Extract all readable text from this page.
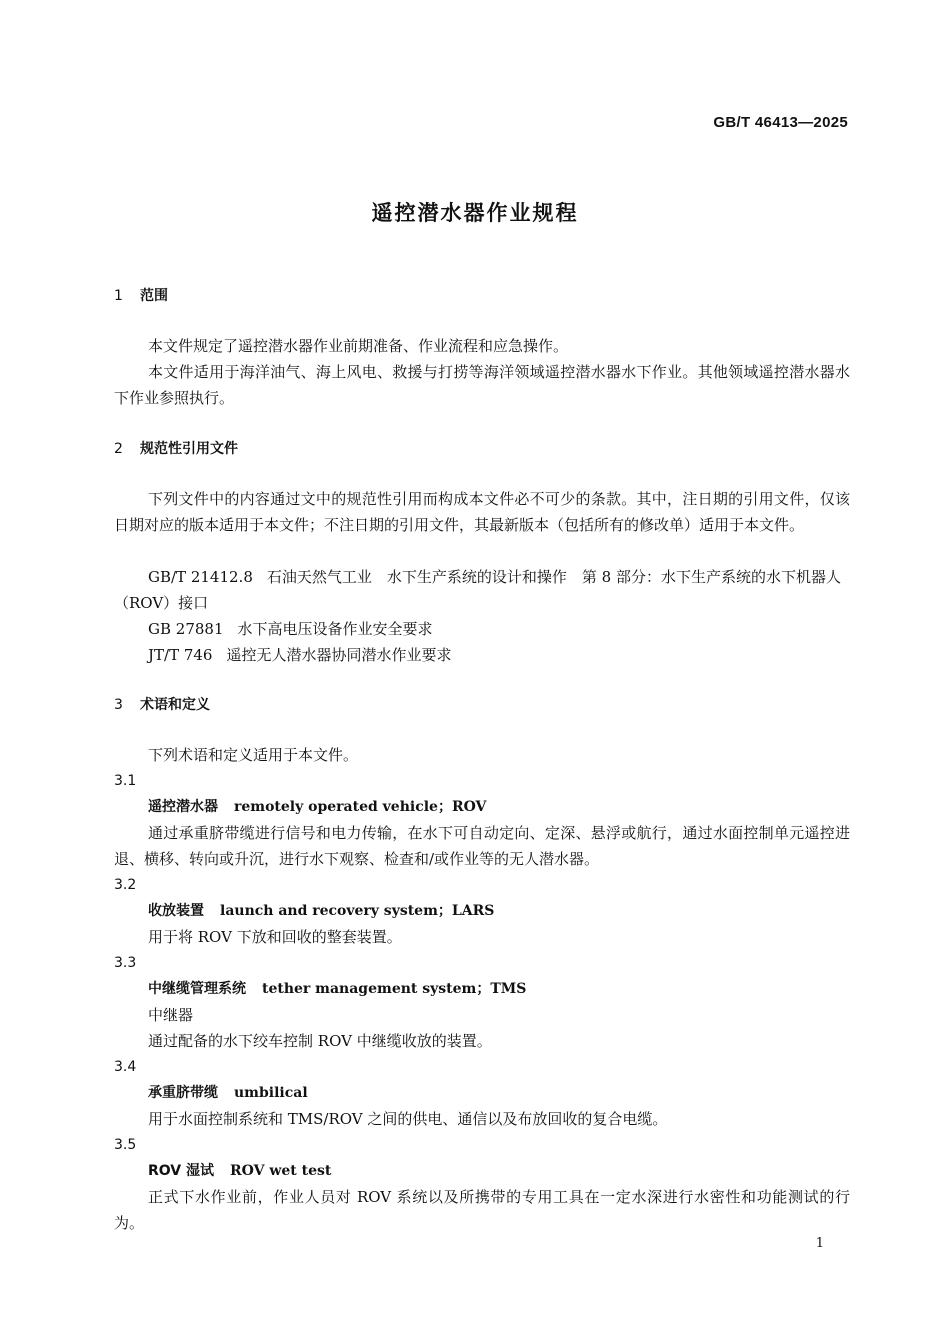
GB/T 46413—2025
遥控潜水器作业规程
1 范围
本文件规定了遥控潜水器作业前期准备、作业流程和应急操作。
本文件适用于海洋油气、海上风电、救援与打捞等海洋领域遥控潜水器水下作业。其他领域遥控潜水器水下作业参照执行。
2 规范性引用文件
下列文件中的内容通过文中的规范性引用而构成本文件必不可少的条款。其中，注日期的引用文件，仅该日期对应的版本适用于本文件；不注日期的引用文件，其最新版本（包括所有的修改单）适用于本文件。
GB/T 21412.8 石油天然气工业　水下生产系统的设计和操作　第 8 部分：水下生产系统的水下机器人（ROV）接口
GB 27881 水下高电压设备作业安全要求
JT/T 746 遥控无人潜水器协同潜水作业要求
3 术语和定义
下列术语和定义适用于本文件。
3.1
遥控潜水器 remotely operated vehicle；ROV
通过承重脐带缆进行信号和电力传输，在水下可自动定向、定深、悬浮或航行，通过水面控制单元遥控进退、横移、转向或升沉，进行水下观察、检查和/或作业等的无人潜水器。
3.2
收放装置 launch and recovery system；LARS
用于将 ROV 下放和回收的整套装置。
3.3
中继缆管理系统 tether management system；TMS
中继器
通过配备的水下绞车控制 ROV 中继缆收放的装置。
3.4
承重脐带缆 umbilical
用于水面控制系统和 TMS/ROV 之间的供电、通信以及布放回收的复合电缆。
3.5
ROV 湿试 ROV wet test
正式下水作业前，作业人员对 ROV 系统以及所携带的专用工具在一定水深进行水密性和功能测试的行为。
1
